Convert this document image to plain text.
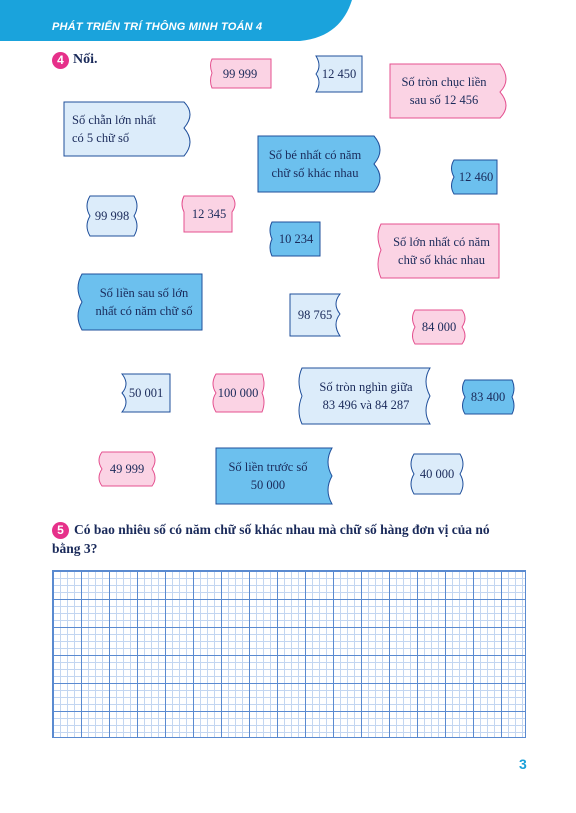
PHÁT TRIỂN TRÍ THÔNG MINH TOÁN 4
4 Nối.
99 999	12 450
Số tròn chục liền
sau số 12 456
Số chẵn lớn nhất
có 5 chữ số
Số bé nhất có năm
chữ số khác nhau	12 460
99 998	12 345
10 234	Số lớn nhất có năm
chữ số khác nhau
Số liền sau số lớn
nhất có năm chữ số	98 765
84 000
50 001	100 000	Số tròn nghìn giữa
83 496 và 84 287
83 400
49 999	Số liền trước số
50 000
40 000
5 Có bao nhiêu số có năm chữ số khác nhau mà chữ số hàng đơn vị của nó
bằng 3?
3
